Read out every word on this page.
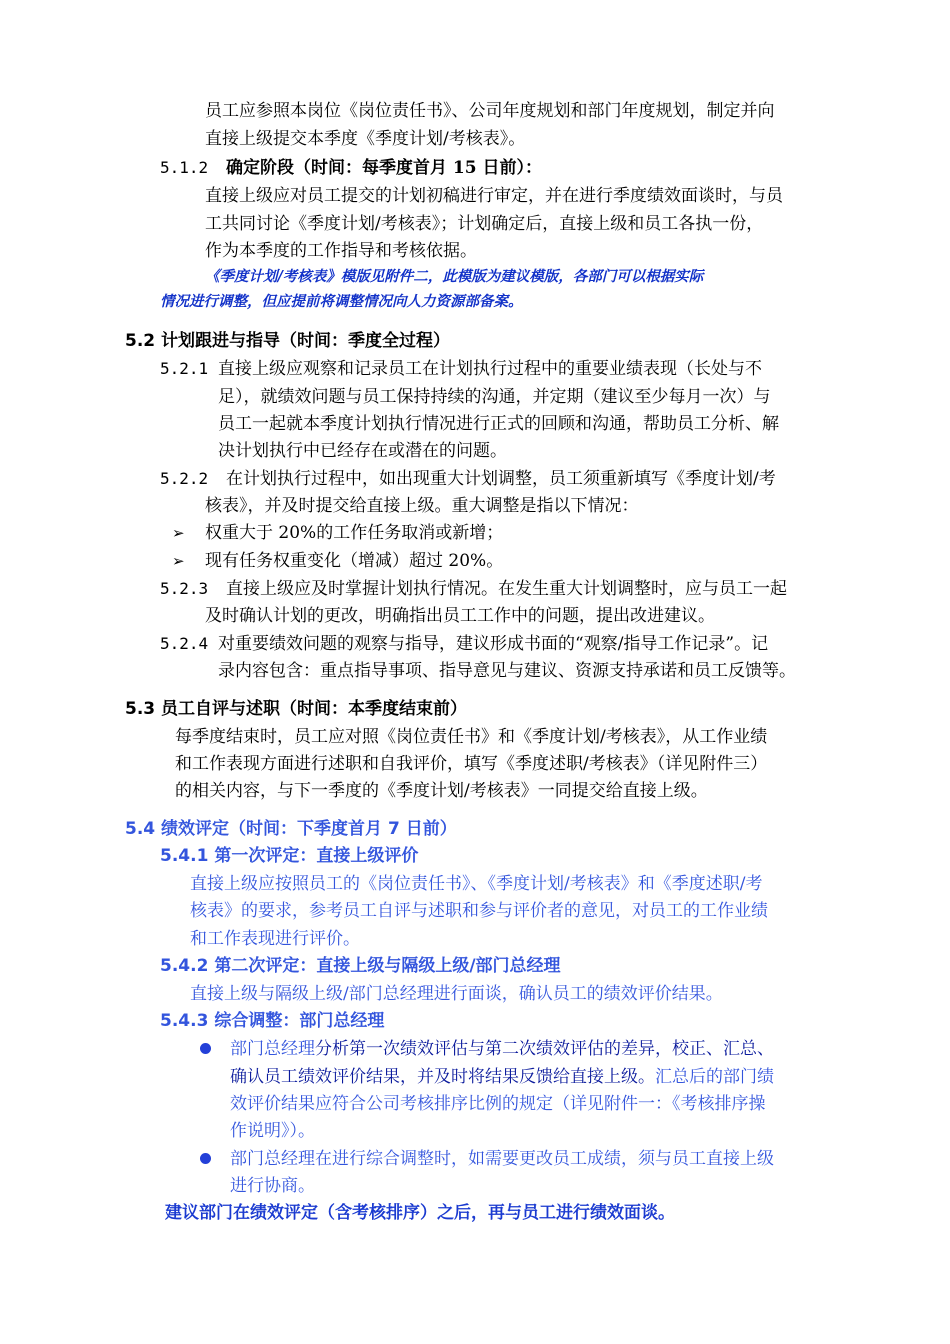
员工应参照本岗位《岗位责任书》、公司年度规划和部门年度规划，制定并向
直接上级提交本季度《季度计划/考核表》。
5.1.2 确定阶段（时间：每季度首月 15 日前）：
直接上级应对员工提交的计划初稿进行审定，并在进行季度绩效面谈时，与员
工共同讨论《季度计划/考核表》；计划确定后，直接上级和员工各执一份，
作为本季度的工作指导和考核依据。
《季度计划/考核表》模版见附件二，此模版为建议模版，各部门可以根据实际
情况进行调整，但应提前将调整情况向人力资源部备案。
5.2 计划跟进与指导（时间：季度全过程）
5.2.1 直接上级应观察和记录员工在计划执行过程中的重要业绩表现（长处与不
足），就绩效问题与员工保持持续的沟通，并定期（建议至少每月一次）与
员工一起就本季度计划执行情况进行正式的回顾和沟通，帮助员工分析、解
决计划执行中已经存在或潜在的问题。
5.2.2 在计划执行过程中，如出现重大计划调整，员工须重新填写《季度计划/考
核表》，并及时提交给直接上级。重大调整是指以下情况：
➢ 权重大于 20%的工作任务取消或新增；
➢ 现有任务权重变化（增减）超过 20%。
5.2.3 直接上级应及时掌握计划执行情况。在发生重大计划调整时，应与员工一起
及时确认计划的更改，明确指出员工工作中的问题，提出改进建议。
5.2.4 对重要绩效问题的观察与指导，建议形成书面的“观察/指导工作记录”。记
录内容包含：重点指导事项、指导意见与建议、资源支持承诺和员工反馈等。
5.3 员工自评与述职（时间：本季度结束前）
每季度结束时，员工应对照《岗位责任书》和《季度计划/考核表》，从工作业绩
和工作表现方面进行述职和自我评价，填写《季度述职/考核表》（详见附件三）
的相关内容，与下一季度的《季度计划/考核表》一同提交给直接上级。
5.4 绩效评定（时间：下季度首月 7 日前）
5.4.1 第一次评定：直接上级评价
直接上级应按照员工的《岗位责任书》、《季度计划/考核表》和《季度述职/考
核表》的要求，参考员工自评与述职和参与评价者的意见，对员工的工作业绩
和工作表现进行评价。
5.4.2 第二次评定：直接上级与隔级上级/部门总经理
直接上级与隔级上级/部门总经理进行面谈，确认员工的绩效评价结果。
5.4.3 综合调整：部门总经理
部门总经理分析第一次绩效评估与第二次绩效评估的差异，校正、汇总、
确认员工绩效评价结果，并及时将结果反馈给直接上级。汇总后的部门绩
效评价结果应符合公司考核排序比例的规定（详见附件一：《考核排序操
作说明》）。
部门总经理在进行综合调整时，如需要更改员工成绩，须与员工直接上级
进行协商。
建议部门在绩效评定（含考核排序）之后，再与员工进行绩效面谈。
